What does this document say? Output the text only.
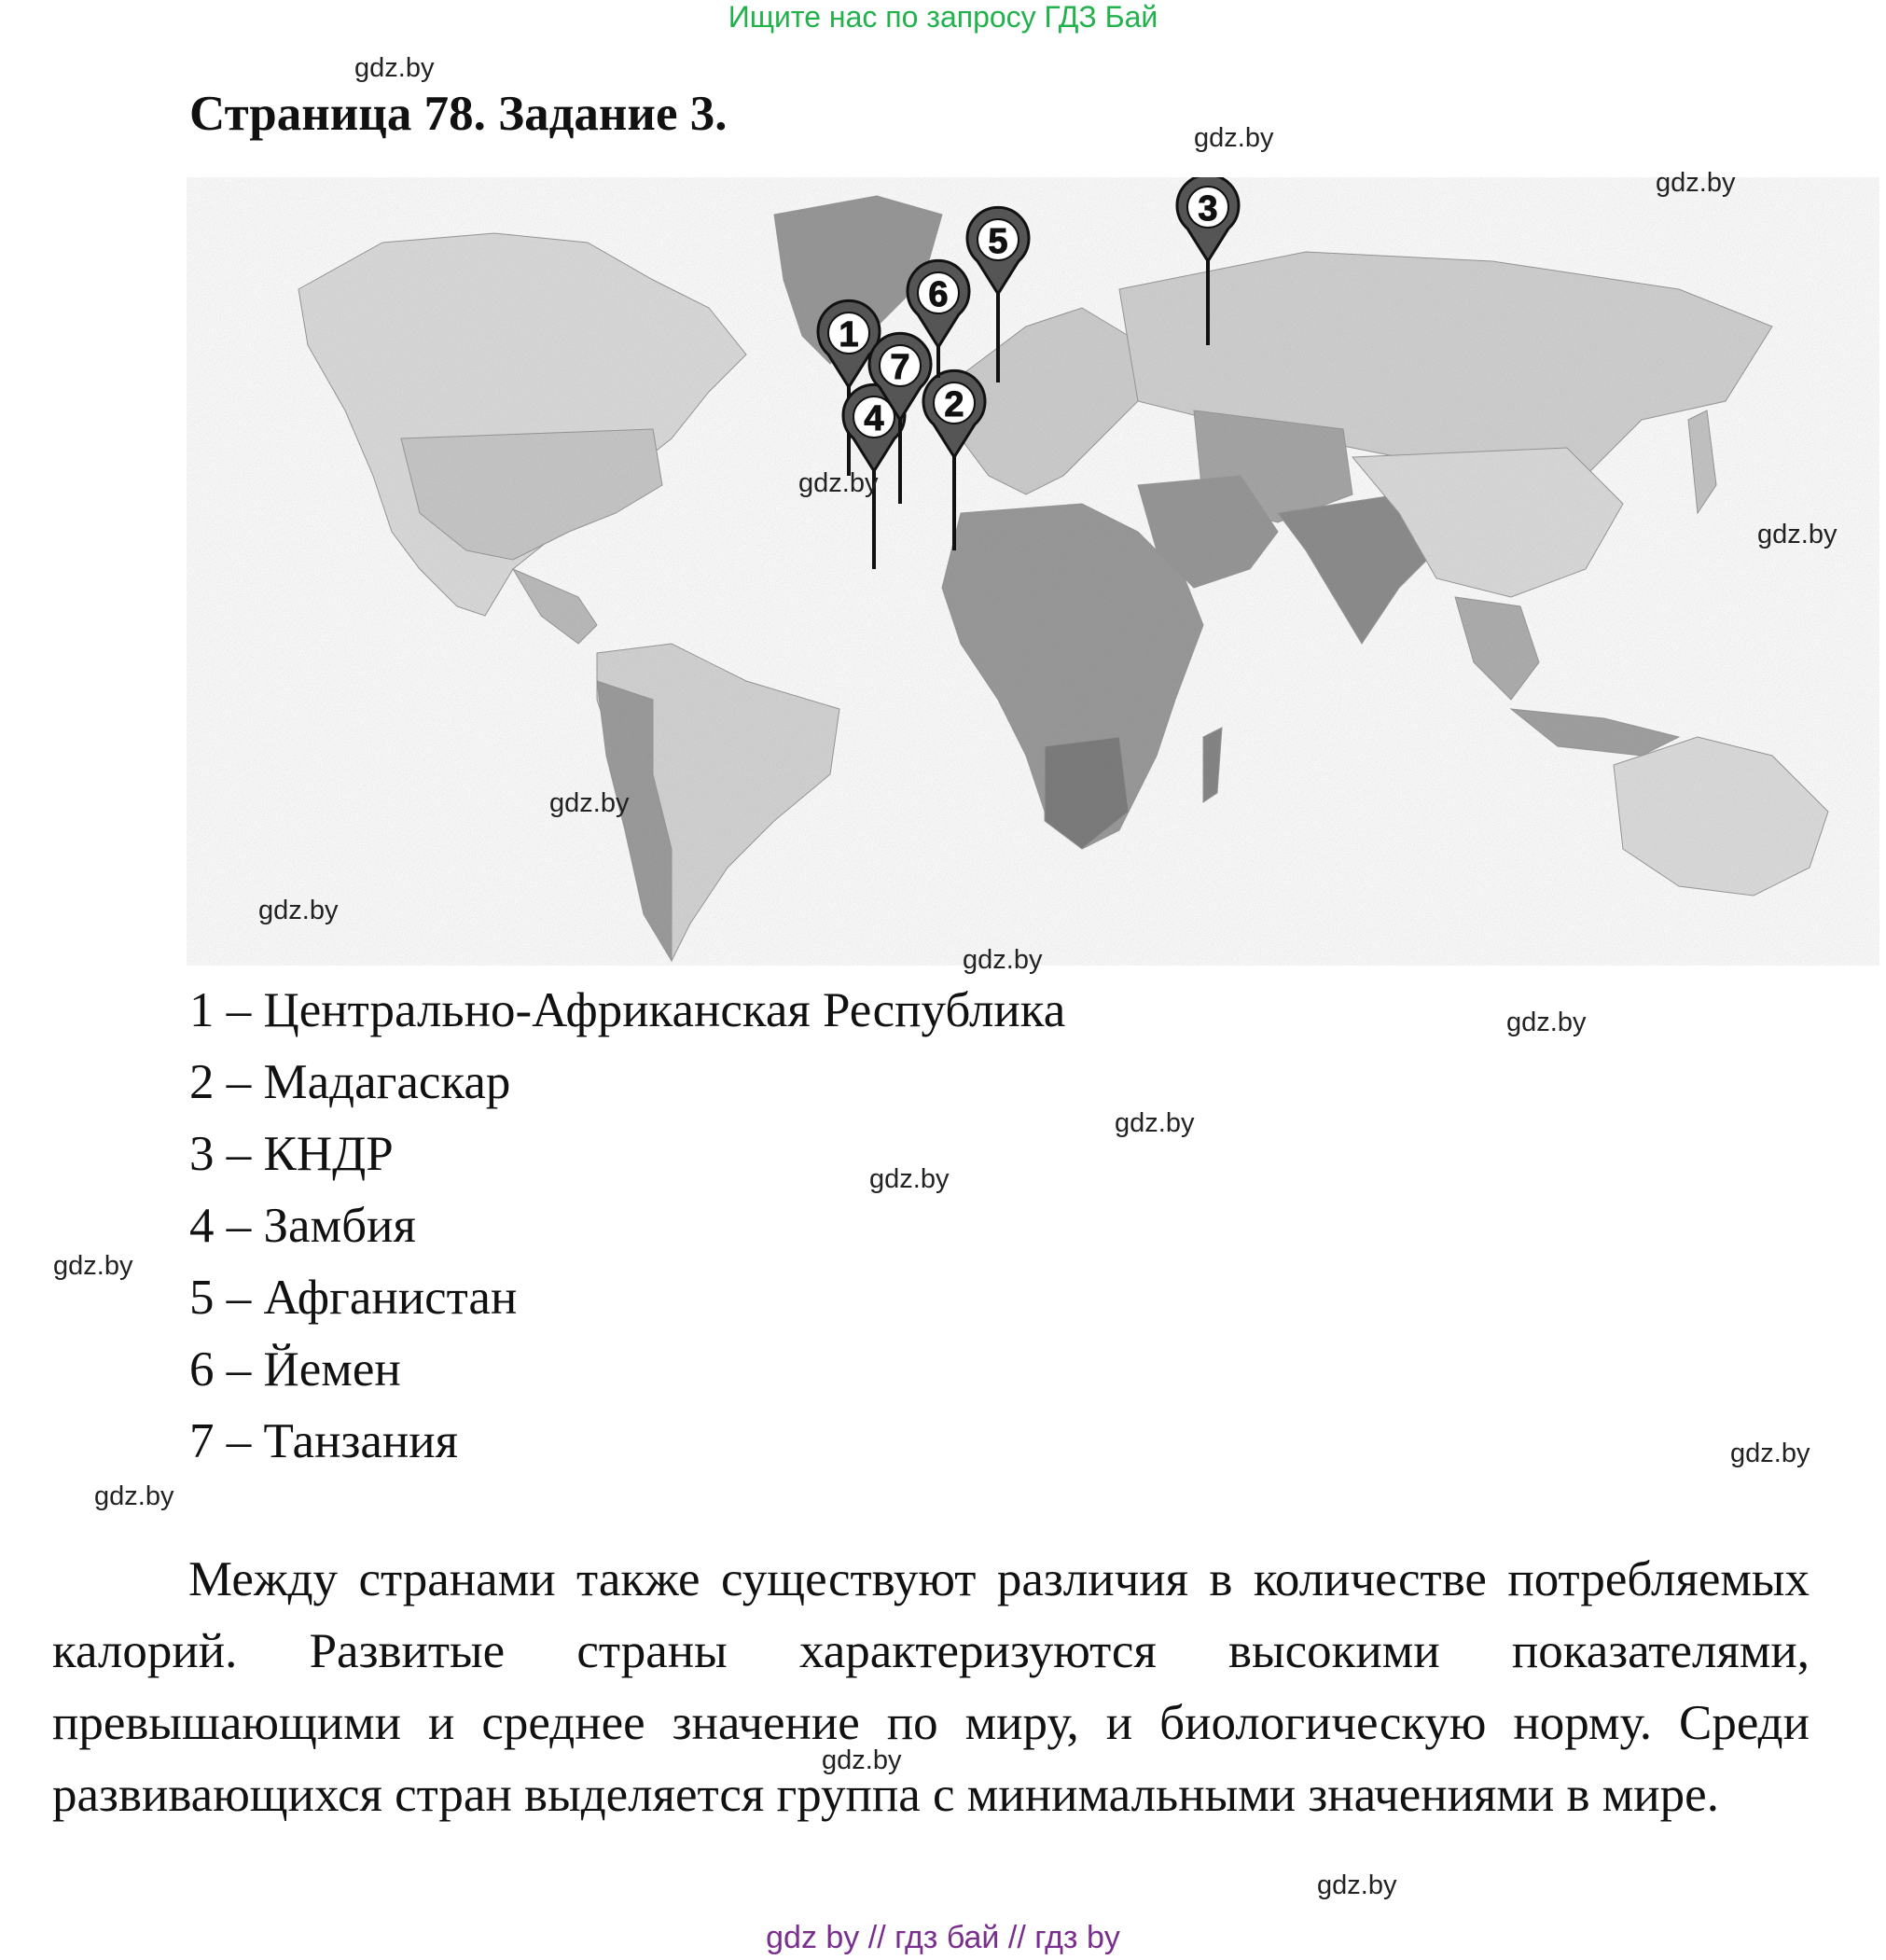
Ищите нас по запросу ГДЗ Бай
Страница 78. Задание 3.
1
2
3
4
5
6
7
1 – Центрально-Африканская Республика
2 – Мадагаскар
3 – КНДР
4 – Замбия
5 – Афганистан
6 – Йемен
7 – Танзания
Между странами также существуют различия в количестве потребляемых калорий. Развитые страны характеризуются высокими показателями, превышающими и среднее значение по миру, и биологическую норму. Среди развивающихся стран выделяется группа с минимальными значениями в мире.
gdz.by
gdz.by
gdz.by
gdz.by
gdz.by
gdz.by
gdz.by
gdz.by
gdz.by
gdz.by
gdz.by
gdz.by
gdz.by
gdz.by
gdz.by
gdz.by
gdz by // гдз бай // гдз by
